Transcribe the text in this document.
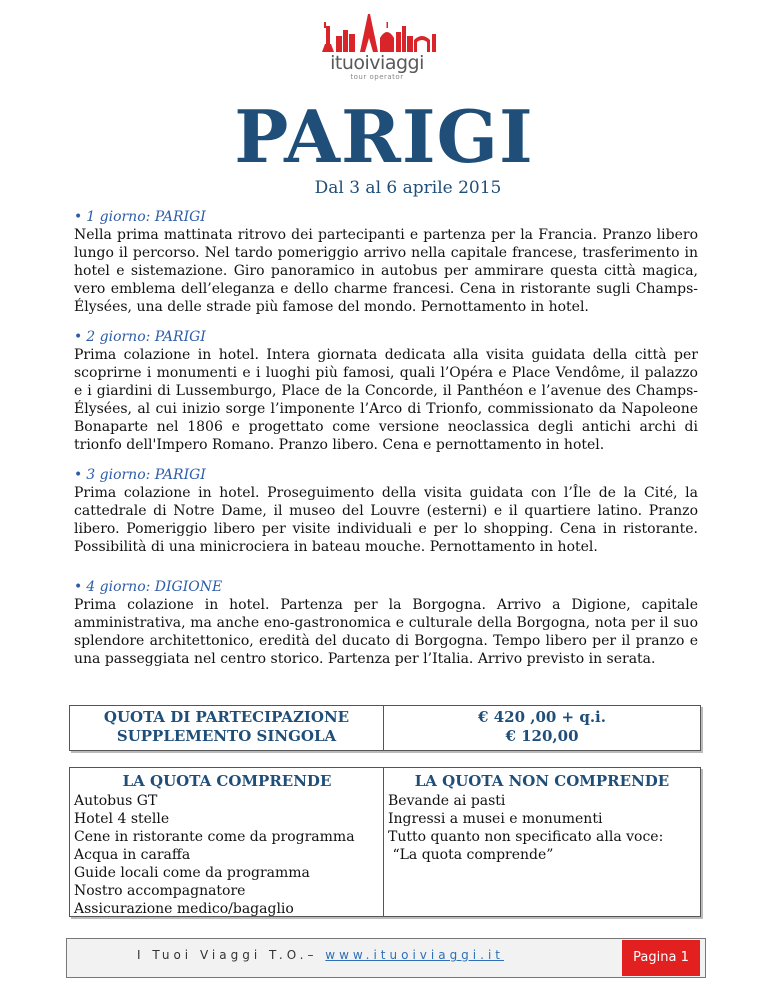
ituoiviaggi
tour operator
PARIGI
Dal 3 al 6 aprile 2015

• 1 giorno: PARIGI

Nella prima mattinata ritrovo dei partecipanti e partenza per la Francia. Pranzo libero lungo il percorso. Nel tardo pomeriggio arrivo nella capitale francese, trasferimento in hotel e sistemazione. Giro panoramico in autobus per ammirare questa città magica, vero emblema dell’eleganza e dello charme francesi. Cena in ristorante sugli Champs-Élysées, una delle strade più famose del mondo. Pernottamento in hotel.

• 2 giorno: PARIGI

Prima colazione in hotel. Intera giornata dedicata alla visita guidata della città per scoprirne i monumenti e i luoghi più famosi, quali l’Opéra e Place Vendôme, il palazzo e i giardini di Lussemburgo, Place de la Concorde, il Panthéon e l’avenue des Champs-Élysées, al cui inizio sorge l’imponente l’Arco di Trionfo, commissionato da Napoleone Bonaparte nel 1806 e progettato come versione neoclassica degli antichi archi di trionfo dell'Impero Romano. Pranzo libero. Cena e pernottamento in hotel.

• 3 giorno: PARIGI

Prima colazione in hotel. Proseguimento della visita guidata con l’Île de la Cité, la cattedrale di Notre Dame, il museo del Louvre (esterni) e il quartiere latino. Pranzo libero. Pomeriggio libero per visite individuali e per lo shopping. Cena in ristorante. Possibilità di una minicrociera in bateau mouche. Pernottamento in hotel.

• 4 giorno: DIGIONE

Prima colazione in hotel. Partenza per la Borgogna. Arrivo a Digione, capitale amministrativa, ma anche eno-gastronomica e culturale della Borgogna, nota per il suo splendore architettonico, eredità del ducato di Borgogna. Tempo libero per il pranzo e una passeggiata nel centro storico. Partenza per l’Italia. Arrivo previsto in serata.

QUOTA DI PARTECIPAZIONE
SUPPLEMENTO SINGOLA
€ 420 ,00 + q.i.
€ 120,00
LA QUOTA COMPRENDE
Autobus GT
Hotel 4 stelle
Cene in ristorante come da programma
Acqua in caraffa
Guide locali come da programma
Nostro accompagnatore
Assicurazione medico/bagaglio
LA QUOTA NON COMPRENDE
Bevande ai pasti
Ingressi a musei e monumenti
Tutto quanto non specificato alla voce:
“La quota comprende”
I Tuoi Viaggi T.O.– www.ituoiviaggi.it	Pagina 1
